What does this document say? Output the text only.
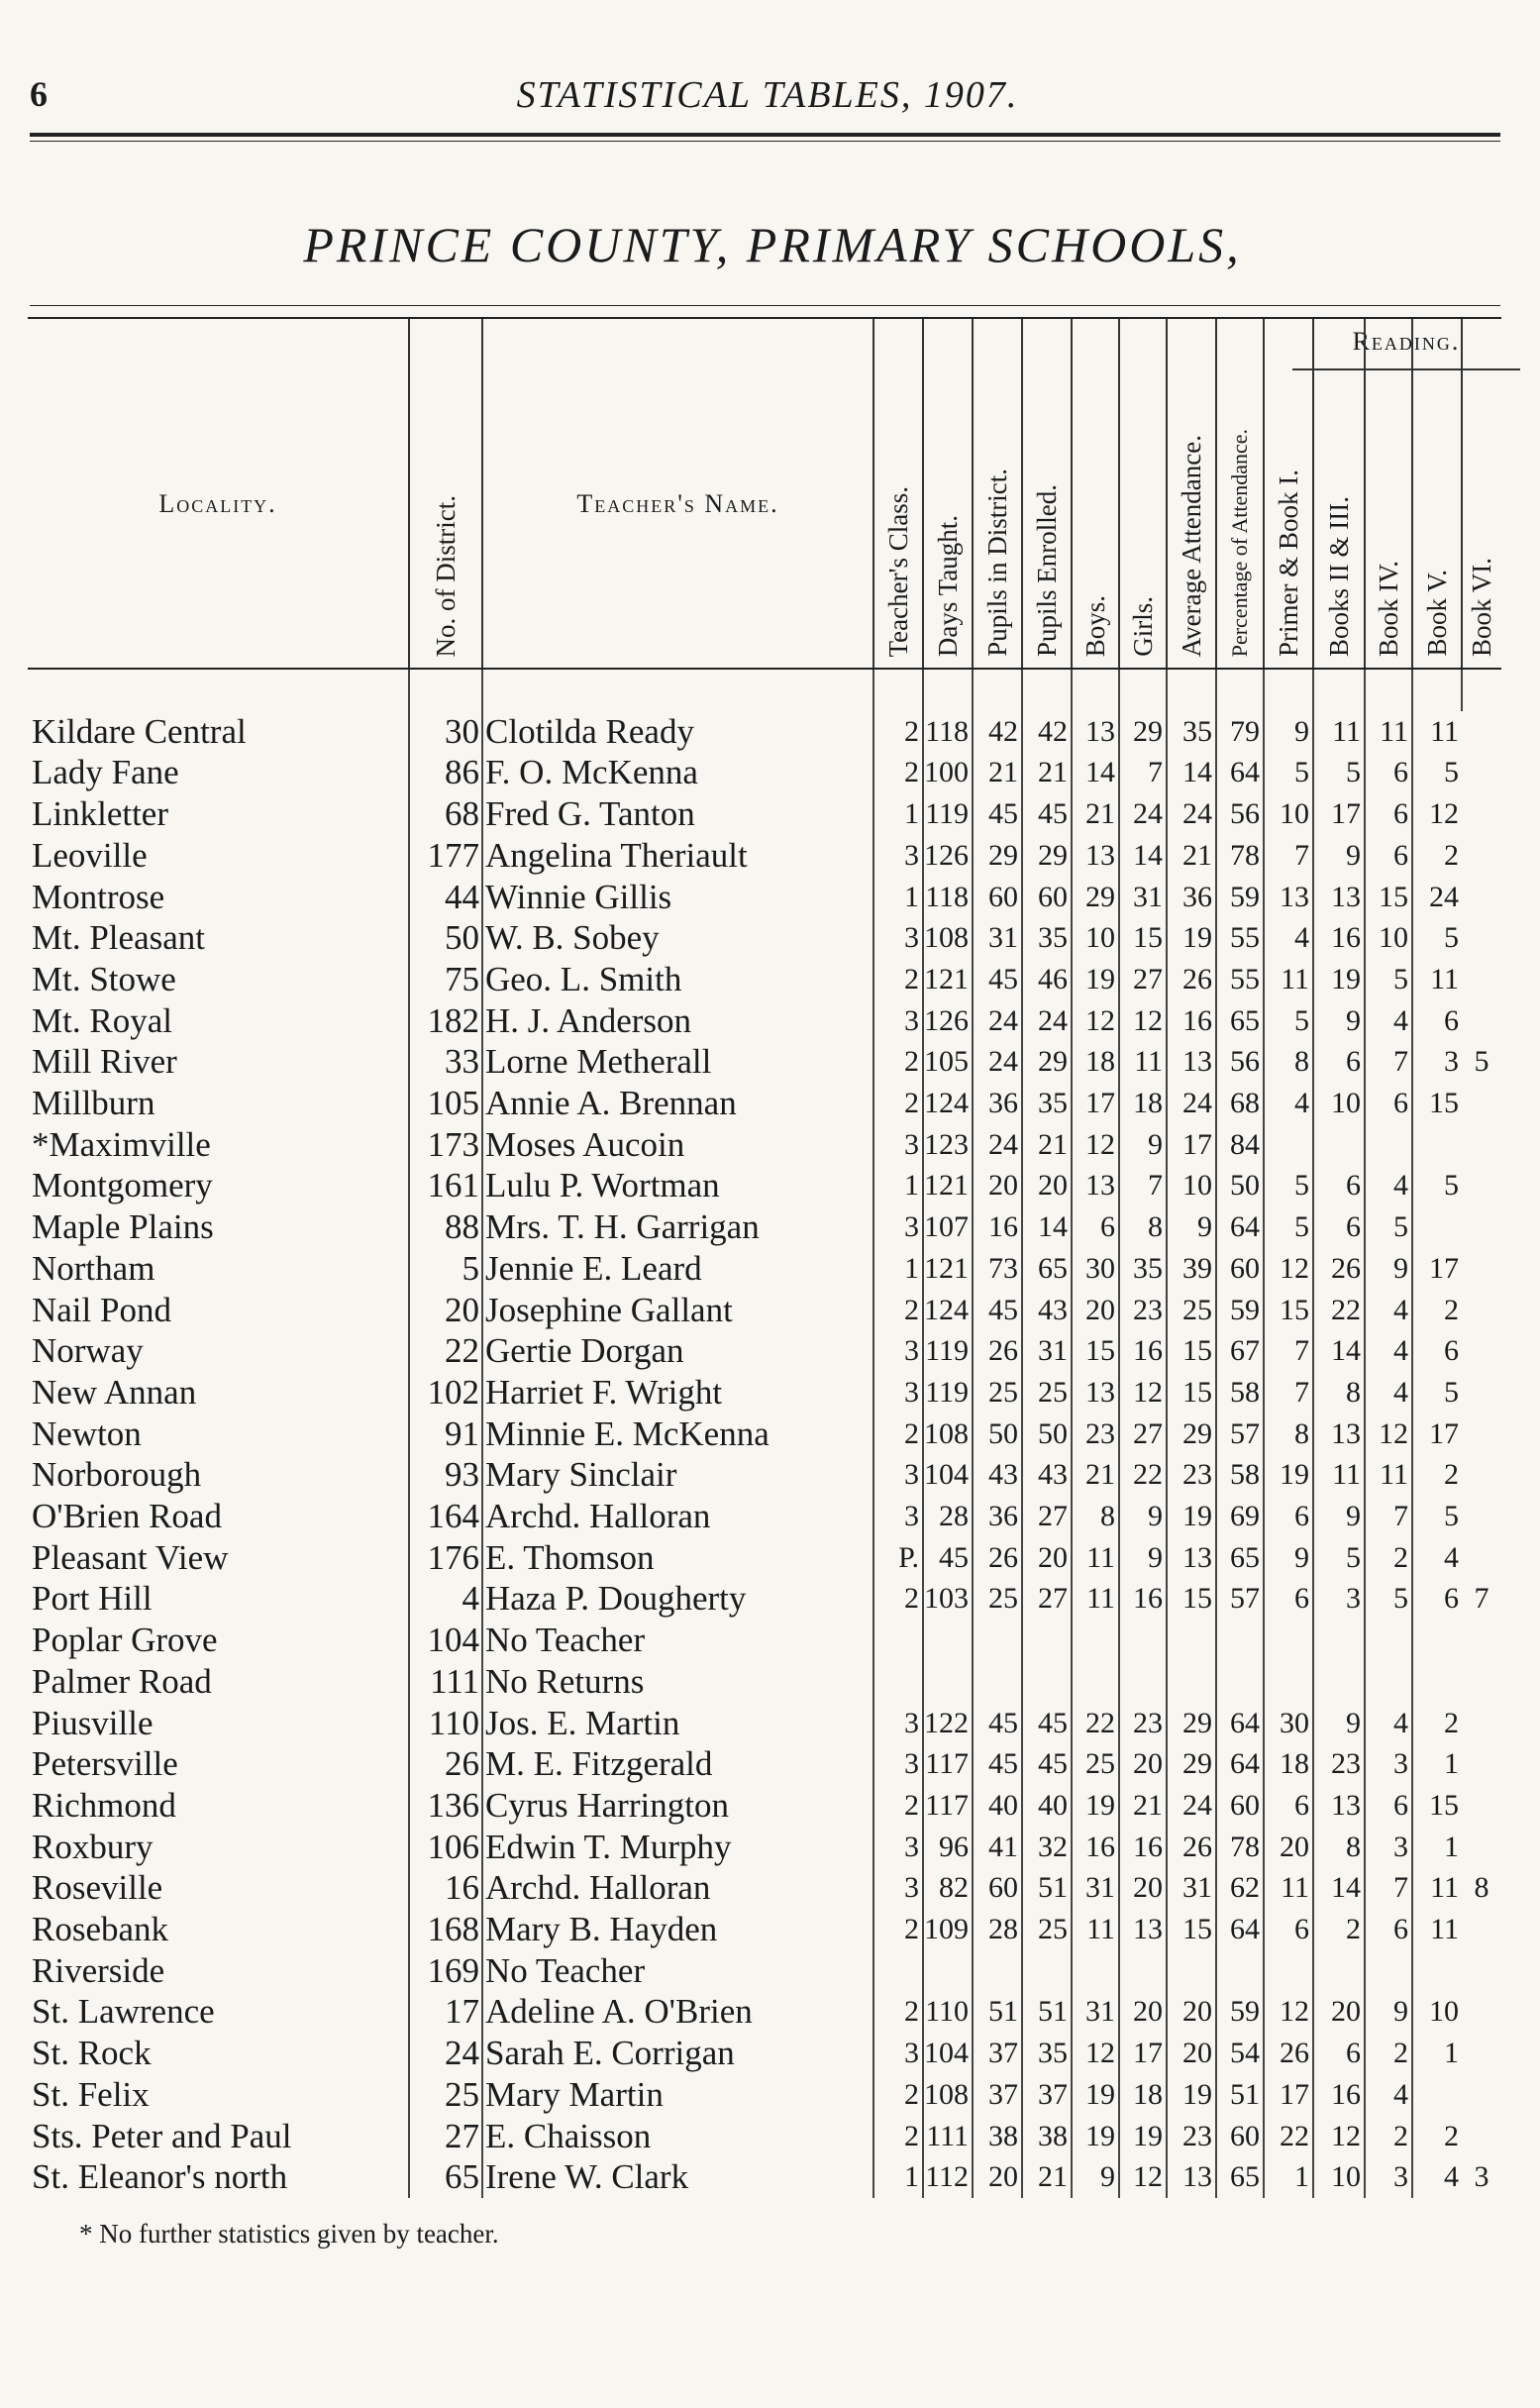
6	STATISTICAL TABLES, 1907.
PRINCE COUNTY, PRIMARY SCHOOLS,
Reading.
Locality.	No. of District.	Teacher's Name.	Teacher's Class.	Days Taught.	Pupils in District.	Pupils Enrolled.	Boys.	Girls.	Average Attendance.	Percentage of Attendance.	Primer & Book I.	Books II & III.	Book IV.	Book V.	Book VI.

Kildare Central	30	Clotilda Ready	2	118	42	42	13	29	35	79	9	11	11	11	
Lady Fane	86	F. O. McKenna	2	100	21	21	14	7	14	64	5	5	6	5	
Linkletter	68	Fred G. Tanton	1	119	45	45	21	24	24	56	10	17	6	12	
Leoville	177	Angelina Theriault	3	126	29	29	13	14	21	78	7	9	6	2	
Montrose	44	Winnie Gillis	1	118	60	60	29	31	36	59	13	13	15	24	
Mt. Pleasant	50	W. B. Sobey	3	108	31	35	10	15	19	55	4	16	10	5	
Mt. Stowe	75	Geo. L. Smith	2	121	45	46	19	27	26	55	11	19	5	11	
Mt. Royal	182	H. J. Anderson	3	126	24	24	12	12	16	65	5	9	4	6	
Mill River	33	Lorne Metherall	2	105	24	29	18	11	13	56	8	6	7	3	5
Millburn	105	Annie A. Brennan	2	124	36	35	17	18	24	68	4	10	6	15	
*Maximville	173	Moses Aucoin	3	123	24	21	12	9	17	84					
Montgomery	161	Lulu P. Wortman	1	121	20	20	13	7	10	50	5	6	4	5	
Maple Plains	88	Mrs. T. H. Garrigan	3	107	16	14	6	8	9	64	5	6	5		
Northam	5	Jennie E. Leard	1	121	73	65	30	35	39	60	12	26	9	17	
Nail Pond	20	Josephine Gallant	2	124	45	43	20	23	25	59	15	22	4	2	
Norway	22	Gertie Dorgan	3	119	26	31	15	16	15	67	7	14	4	6	
New Annan	102	Harriet F. Wright	3	119	25	25	13	12	15	58	7	8	4	5	
Newton	91	Minnie E. McKenna	2	108	50	50	23	27	29	57	8	13	12	17	
Norborough	93	Mary Sinclair	3	104	43	43	21	22	23	58	19	11	11	2	
O'Brien Road	164	Archd. Halloran	3	28	36	27	8	9	19	69	6	9	7	5	
Pleasant View	176	E. Thomson	P.	45	26	20	11	9	13	65	9	5	2	4	
Port Hill	4	Haza P. Dougherty	2	103	25	27	11	16	15	57	6	3	5	6	7
Poplar Grove	104	No Teacher													
Palmer Road	111	No Returns													
Piusville	110	Jos. E. Martin	3	122	45	45	22	23	29	64	30	9	4	2	
Petersville	26	M. E. Fitzgerald	3	117	45	45	25	20	29	64	18	23	3	1	
Richmond	136	Cyrus Harrington	2	117	40	40	19	21	24	60	6	13	6	15	
Roxbury	106	Edwin T. Murphy	3	96	41	32	16	16	26	78	20	8	3	1	
Roseville	16	Archd. Halloran	3	82	60	51	31	20	31	62	11	14	7	11	8
Rosebank	168	Mary B. Hayden	2	109	28	25	11	13	15	64	6	2	6	11	
Riverside	169	No Teacher													
St. Lawrence	17	Adeline A. O'Brien	2	110	51	51	31	20	20	59	12	20	9	10	
St. Rock	24	Sarah E. Corrigan	3	104	37	35	12	17	20	54	26	6	2	1	
St. Felix	25	Mary Martin	2	108	37	37	19	18	19	51	17	16	4		
Sts. Peter and Paul	27	E. Chaisson	2	111	38	38	19	19	23	60	22	12	2	2	
St. Eleanor's north	65	Irene W. Clark	1	112	20	21	9	12	13	65	1	10	3	4	3
* No further statistics given by teacher.
